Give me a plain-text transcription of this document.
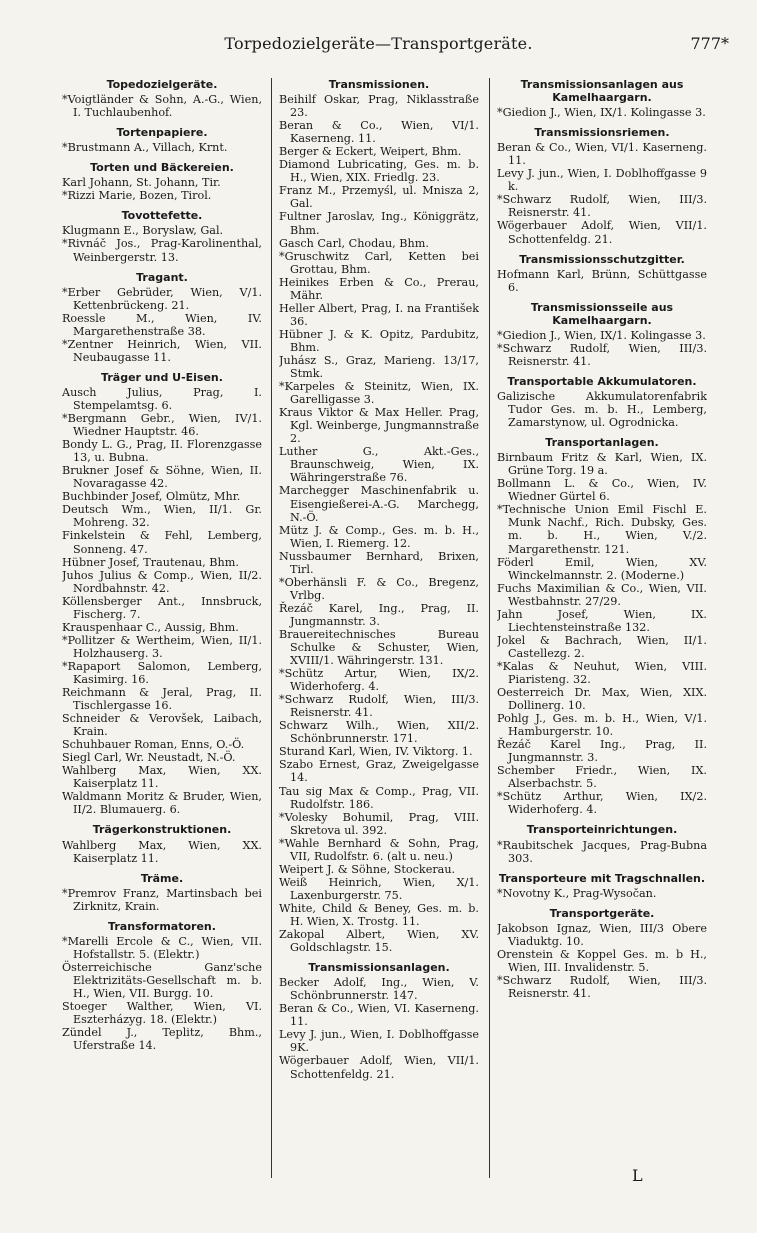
Torpedozielgeräte—Transportgeräte.	777*
Topedozielgeräte.
*Voigtländer & Sohn, A.-G., Wien, I. Tuchlaubenhof.
Tortenpapiere.
*Brustmann A., Villach, Krnt.
Torten und Bäckereien.
Karl Johann, St. Johann, Tir.
*Rizzi Marie, Bozen, Tirol.
Tovottefette.
Klugmann E., Boryslaw, Gal.
*Rivnáč Jos., Prag-Karolinenthal, Weinbergerstr. 13.
Tragant.
*Erber Gebrüder, Wien, V/1. Kettenbrückeng. 21.
Roessle M., Wien, IV. Margarethenstraße 38.
*Zentner Heinrich, Wien, VII. Neubaugasse 11.
Träger und U-Eisen.
Ausch Julius, Prag, I. Stempelamtsg. 6.
*Bergmann Gebr., Wien, IV/1. Wiedner Hauptstr. 46.
Bondy L. G., Prag, II. Florenzgasse 13, u. Bubna.
Brukner Josef & Söhne, Wien, II. Novaragasse 42.
Buchbinder Josef, Olmütz, Mhr.
Deutsch Wm., Wien, II/1. Gr. Mohreng. 32.
Finkelstein & Fehl, Lemberg, Sonneng. 47.
Hübner Josef, Trautenau, Bhm.
Juhos Julius & Comp., Wien, II/2. Nordbahnstr. 42.
Köllensberger Ant., Innsbruck, Fischerg. 7.
Krauspenhaar C., Aussig, Bhm.
*Pollitzer & Wertheim, Wien, II/1. Holzhauserg. 3.
*Rapaport Salomon, Lemberg, Kasimirg. 16.
Reichmann & Jeral, Prag, II. Tischlergasse 16.
Schneider & Verovšek, Laibach, Krain.
Schuhbauer Roman, Enns, O.-Ö.
Siegl Carl, Wr. Neustadt, N.-Ö.
Wahlberg Max, Wien, XX. Kaiserplatz 11.
Waldmann Moritz & Bruder, Wien, II/2. Blumauerg. 6.
Trägerkonstruktionen.
Wahlberg Max, Wien, XX. Kaiserplatz 11.
Träme.
*Premrov Franz, Martinsbach bei Zirknitz, Krain.
Transformatoren.
*Marelli Ercole & C., Wien, VII. Hofstallstr. 5. (Elektr.)
Österreichische Ganz'sche Elektrizitäts-Gesellschaft m. b. H., Wien, VII. Burgg. 10.
Stoeger Walther, Wien, VI. Eszterházyg. 18. (Elektr.)
Zündel J., Teplitz, Bhm., Uferstraße 14.
Transmissionen.
Beihilf Oskar, Prag, Niklasstraße 23.
Beran & Co., Wien, VI/1. Kaserneng. 11.
Berger & Eckert, Weipert, Bhm.
Diamond Lubricating, Ges. m. b. H., Wien, XIX. Friedlg. 23.
Franz M., Przemyśl, ul. Mnisza 2, Gal.
Fultner Jaroslav, Ing., Königgrätz, Bhm.
Gasch Carl, Chodau, Bhm.
*Gruschwitz Carl, Ketten bei Grottau, Bhm.
Heinikes Erben & Co., Prerau, Mähr.
Heller Albert, Prag, I. na František 36.
Hübner J. & K. Opitz, Pardubitz, Bhm.
Juhász S., Graz, Marieng. 13/17, Stmk.
*Karpeles & Steinitz, Wien, IX. Garelligasse 3.
Kraus Viktor & Max Heller. Prag, Kgl. Weinberge, Jungmannstraße 2.
Luther G., Akt.-Ges., Braunschweig, Wien, IX. Währingerstraße 76.
Marchegger Maschinenfabrik u. Eisengießerei-A.-G. Marchegg, N.-Ö.
Mütz J. & Comp., Ges. m. b. H., Wien, I. Riemerg. 12.
Nussbaumer Bernhard, Brixen, Tirl.
*Oberhänsli F. & Co., Bregenz, Vrlbg.
Řezáč Karel, Ing., Prag, II. Jungmannstr. 3.
Brauereitechnisches Bureau Schulke & Schuster, Wien, XVIII/1. Währingerstr. 131.
*Schütz Artur, Wien, IX/2. Widerhoferg. 4.
*Schwarz Rudolf, Wien, III/3. Reisnerstr. 41.
Schwarz Wilh., Wien, XII/2. Schönbrunnerstr. 171.
Sturand Karl, Wien, IV. Viktorg. 1.
Szabo Ernest, Graz, Zweigelgasse 14.
Tau sig Max & Comp., Prag, VII. Rudolfstr. 186.
*Volesky Bohumil, Prag, VIII. Skretova ul. 392.
*Wahle Bernhard & Sohn, Prag, VII, Rudolfstr. 6. (alt u. neu.)
Weipert J. & Söhne, Stockerau.
Weiß Heinrich, Wien, X/1. Laxenburgerstr. 75.
White, Child & Beney, Ges. m. b. H. Wien, X. Trostg. 11.
Zakopal Albert, Wien, XV. Goldschlagstr. 15.
Transmissionsanlagen.
Becker Adolf, Ing., Wien, V. Schönbrunnerstr. 147.
Beran & Co., Wien, VI. Kaserneng. 11.
Levy J. jun., Wien, I. Doblhoffgasse 9K.
Wögerbauer Adolf, Wien, VII/1. Schottenfeldg. 21.
Transmissionsanlagen aus Kamelhaargarn.
*Giedion J., Wien, IX/1. Kolingasse 3.
Transmissionsriemen.
Beran & Co., Wien, VI/1. Kaserneng. 11.
Levy J. jun., Wien, I. Doblhoffgasse 9 k.
*Schwarz Rudolf, Wien, III/3. Reisnerstr. 41.
Wögerbauer Adolf, Wien, VII/1. Schottenfeldg. 21.
Transmissionsschutzgitter.
Hofmann Karl, Brünn, Schüttgasse 6.
Transmissionsseile aus Kamelhaargarn.
*Giedion J., Wien, IX/1. Kolingasse 3.
*Schwarz Rudolf, Wien, III/3. Reisnerstr. 41.
Transportable Akkumulatoren.
Galizische Akkumulatorenfabrik Tudor Ges. m. b. H., Lemberg, Zamarstynow, ul. Ogrodnicka.
Transportanlagen.
Birnbaum Fritz & Karl, Wien, IX. Grüne Torg. 19 a.
Bollmann L. & Co., Wien, IV. Wiedner Gürtel 6.
*Technische Union Emil Fischl E. Munk Nachf., Rich. Dubsky, Ges. m. b. H., Wien, V./2. Margarethenstr. 121.
Föderl Emil, Wien, XV. Winckelmannstr. 2. (Moderne.)
Fuchs Maximilian & Co., Wien, VII. Westbahnstr. 27/29.
Jahn Josef, Wien, IX. Liechtensteinstraße 132.
Jokel & Bachrach, Wien, II/1. Castellezg. 2.
*Kalas & Neuhut, Wien, VIII. Piaristeng. 32.
Oesterreich Dr. Max, Wien, XIX. Dollinerg. 10.
Pohlg J., Ges. m. b. H., Wien, V/1. Hamburgerstr. 10.
Řezáč Karel Ing., Prag, II. Jungmannstr. 3.
Schember Friedr., Wien, IX. Alserbachstr. 5.
*Schütz Arthur, Wien, IX/2. Widerhoferg. 4.
Transporteinrichtungen.
*Raubitschek Jacques, Prag-Bubna 303.
Transporteure mit Tragschnallen.
*Novotny K., Prag-Wysočan.
Transportgeräte.
Jakobson Ignaz, Wien, III/3 Obere Viaduktg. 10.
Orenstein & Koppel Ges. m. b H., Wien, III. Invalidenstr. 5.
*Schwarz Rudolf, Wien, III/3. Reisnerstr. 41.
L
